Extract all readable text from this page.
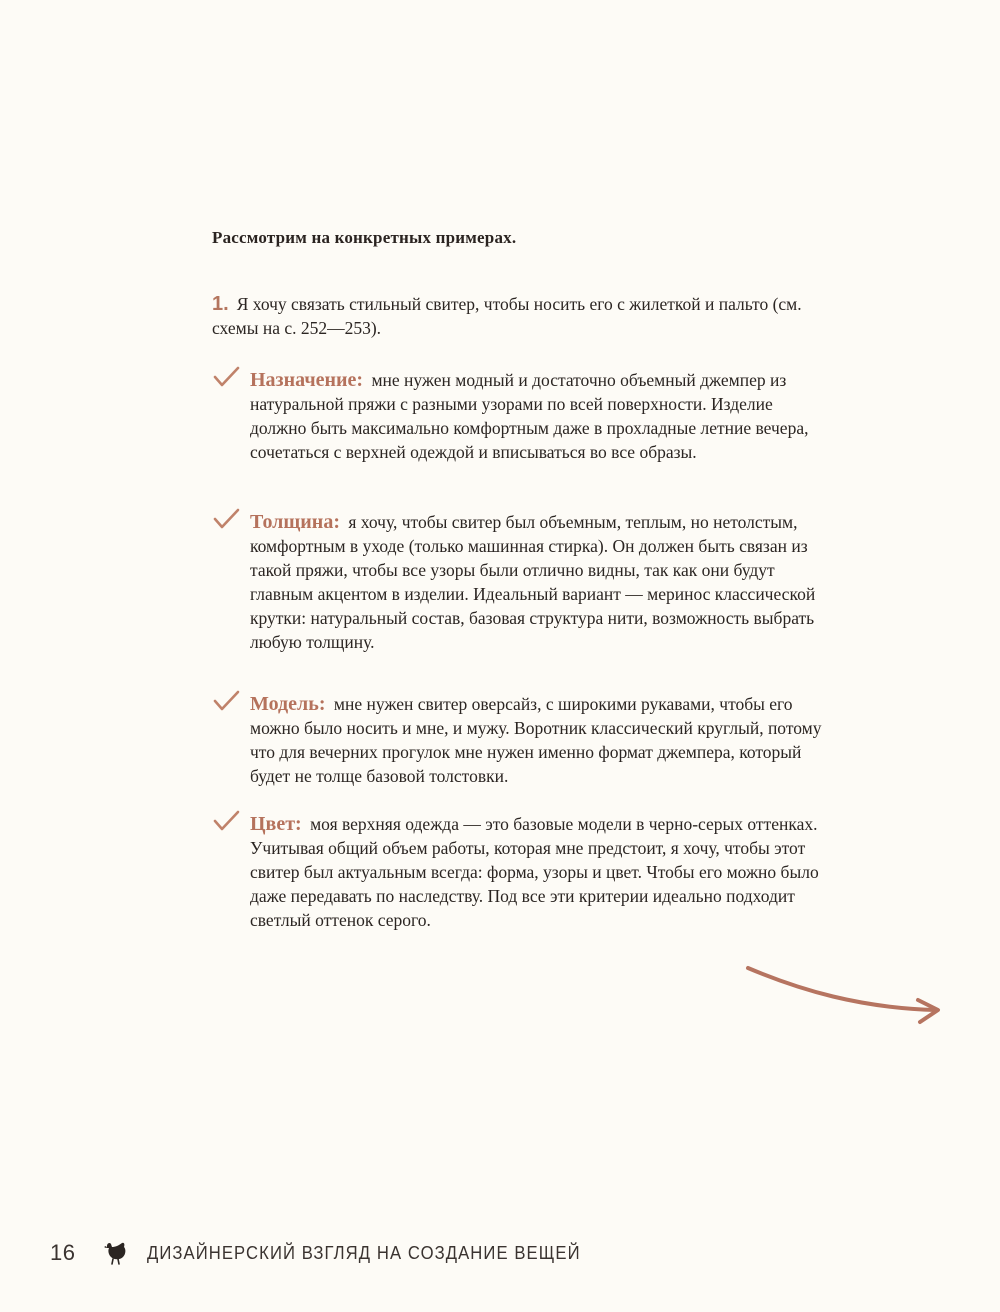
Рассмотрим на конкретных примерах.
1. Я хочу связать стильный свитер, чтобы носить его с жилеткой и пальто (см. схемы на с. 252—253).
Назначение: мне нужен модный и достаточно объемный джемпер из натуральной пряжи с разными узорами по всей поверхности. Изделие должно быть максимально комфортным даже в прохладные летние вечера, сочетаться с верхней одеждой и вписываться во все образы.
Толщина: я хочу, чтобы свитер был объемным, теплым, но нетолстым, комфортным в уходе (только машинная стирка). Он должен быть связан из такой пряжи, чтобы все узоры были отлично видны, так как они будут главным акцентом в изделии. Идеальный вариант — меринос классической крутки: натуральный состав, базовая структура нити, возможность выбрать любую толщину.
Модель: мне нужен свитер оверсайз, с широкими рукавами, чтобы его можно было носить и мне, и мужу. Воротник классический круглый, потому что для вечерних прогулок мне нужен именно формат джемпера, который будет не толще базовой толстовки.
Цвет: моя верхняя одежда — это базовые модели в черно-серых оттенках. Учитывая общий объем работы, которая мне предстоит, я хочу, чтобы этот свитер был актуальным всегда: форма, узоры и цвет. Чтобы его можно было даже передавать по наследству. Под все эти критерии идеально подходит светлый оттенок серого.
16	ДИЗАЙНЕРСКИЙ ВЗГЛЯД НА СОЗДАНИЕ ВЕЩЕЙ
